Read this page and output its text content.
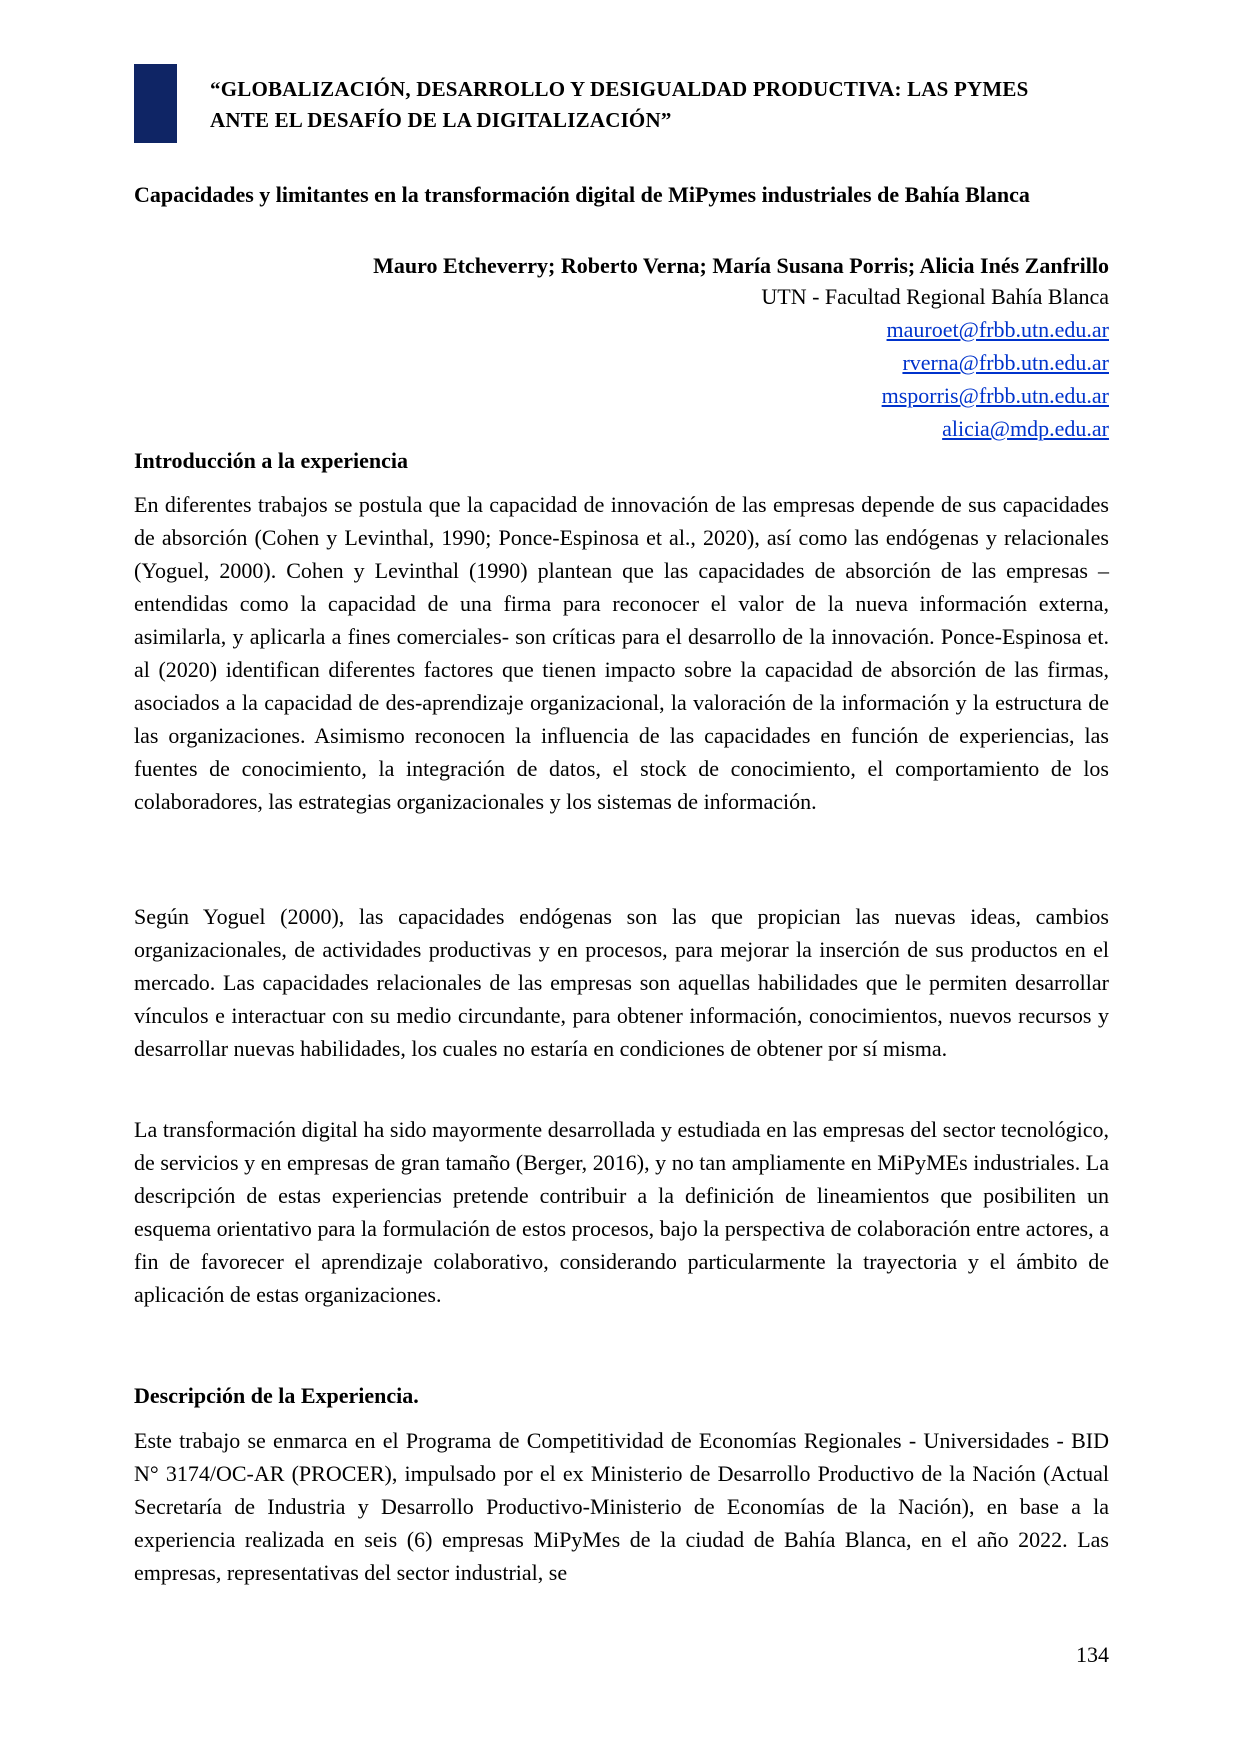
“GLOBALIZACIÓN, DESARROLLO Y DESIGUALDAD PRODUCTIVA: LAS PYMES
ANTE EL DESAFÍO DE LA DIGITALIZACIÓN”
Capacidades y limitantes en la transformación digital de MiPymes industriales de Bahía Blanca
Mauro Etcheverry; Roberto Verna; María Susana Porris; Alicia Inés Zanfrillo
UTN - Facultad Regional Bahía Blanca
mauroet@frbb.utn.edu.ar
rverna@frbb.utn.edu.ar
msporris@frbb.utn.edu.ar
alicia@mdp.edu.ar
Introducción a la experiencia

En diferentes trabajos se postula que la capacidad de innovación de las empresas depende de sus capacidades de absorción (Cohen y Levinthal, 1990; Ponce-Espinosa et al., 2020), así como las endógenas y relacionales (Yoguel, 2000). Cohen y Levinthal (1990) plantean que las capacidades de absorción de las empresas –entendidas como la capacidad de una firma para reconocer el valor de la nueva información externa, asimilarla, y aplicarla a fines comerciales- son críticas para el desarrollo de la innovación. Ponce-Espinosa et. al (2020) identifican diferentes factores que tienen impacto sobre la capacidad de absorción de las firmas, asociados a la capacidad de des-aprendizaje organizacional, la valoración de la información y la estructura de las organizaciones. Asimismo reconocen la influencia de las capacidades en función de experiencias, las fuentes de conocimiento, la integración de datos, el stock de conocimiento, el comportamiento de los colaboradores, las estrategias organizacionales y los sistemas de información.

Según Yoguel (2000), las capacidades endógenas son las que propician las nuevas ideas, cambios organizacionales, de actividades productivas y en procesos, para mejorar la inserción de sus productos en el mercado. Las capacidades relacionales de las empresas son aquellas habilidades que le permiten desarrollar vínculos e interactuar con su medio circundante, para obtener información, conocimientos, nuevos recursos y desarrollar nuevas habilidades, los cuales no estaría en condiciones de obtener por sí misma.

La transformación digital ha sido mayormente desarrollada y estudiada en las empresas del sector tecnológico, de servicios y en empresas de gran tamaño (Berger, 2016), y no tan ampliamente en MiPyMEs industriales. La descripción de estas experiencias pretende contribuir a la definición de lineamientos que posibiliten un esquema orientativo para la formulación de estos procesos, bajo la perspectiva de colaboración entre actores, a fin de favorecer el aprendizaje colaborativo, considerando particularmente la trayectoria y el ámbito de aplicación de estas organizaciones.

Descripción de la Experiencia.

Este trabajo se enmarca en el Programa de Competitividad de Economías Regionales - Universidades - BID N° 3174/OC-AR (PROCER), impulsado por el ex Ministerio de Desarrollo Productivo de la Nación (Actual Secretaría de Industria y Desarrollo Productivo-Ministerio de Economías de la Nación), en base a la experiencia realizada en seis (6) empresas MiPyMes de la ciudad de Bahía Blanca, en el año 2022. Las empresas, representativas del sector industrial, se

134
